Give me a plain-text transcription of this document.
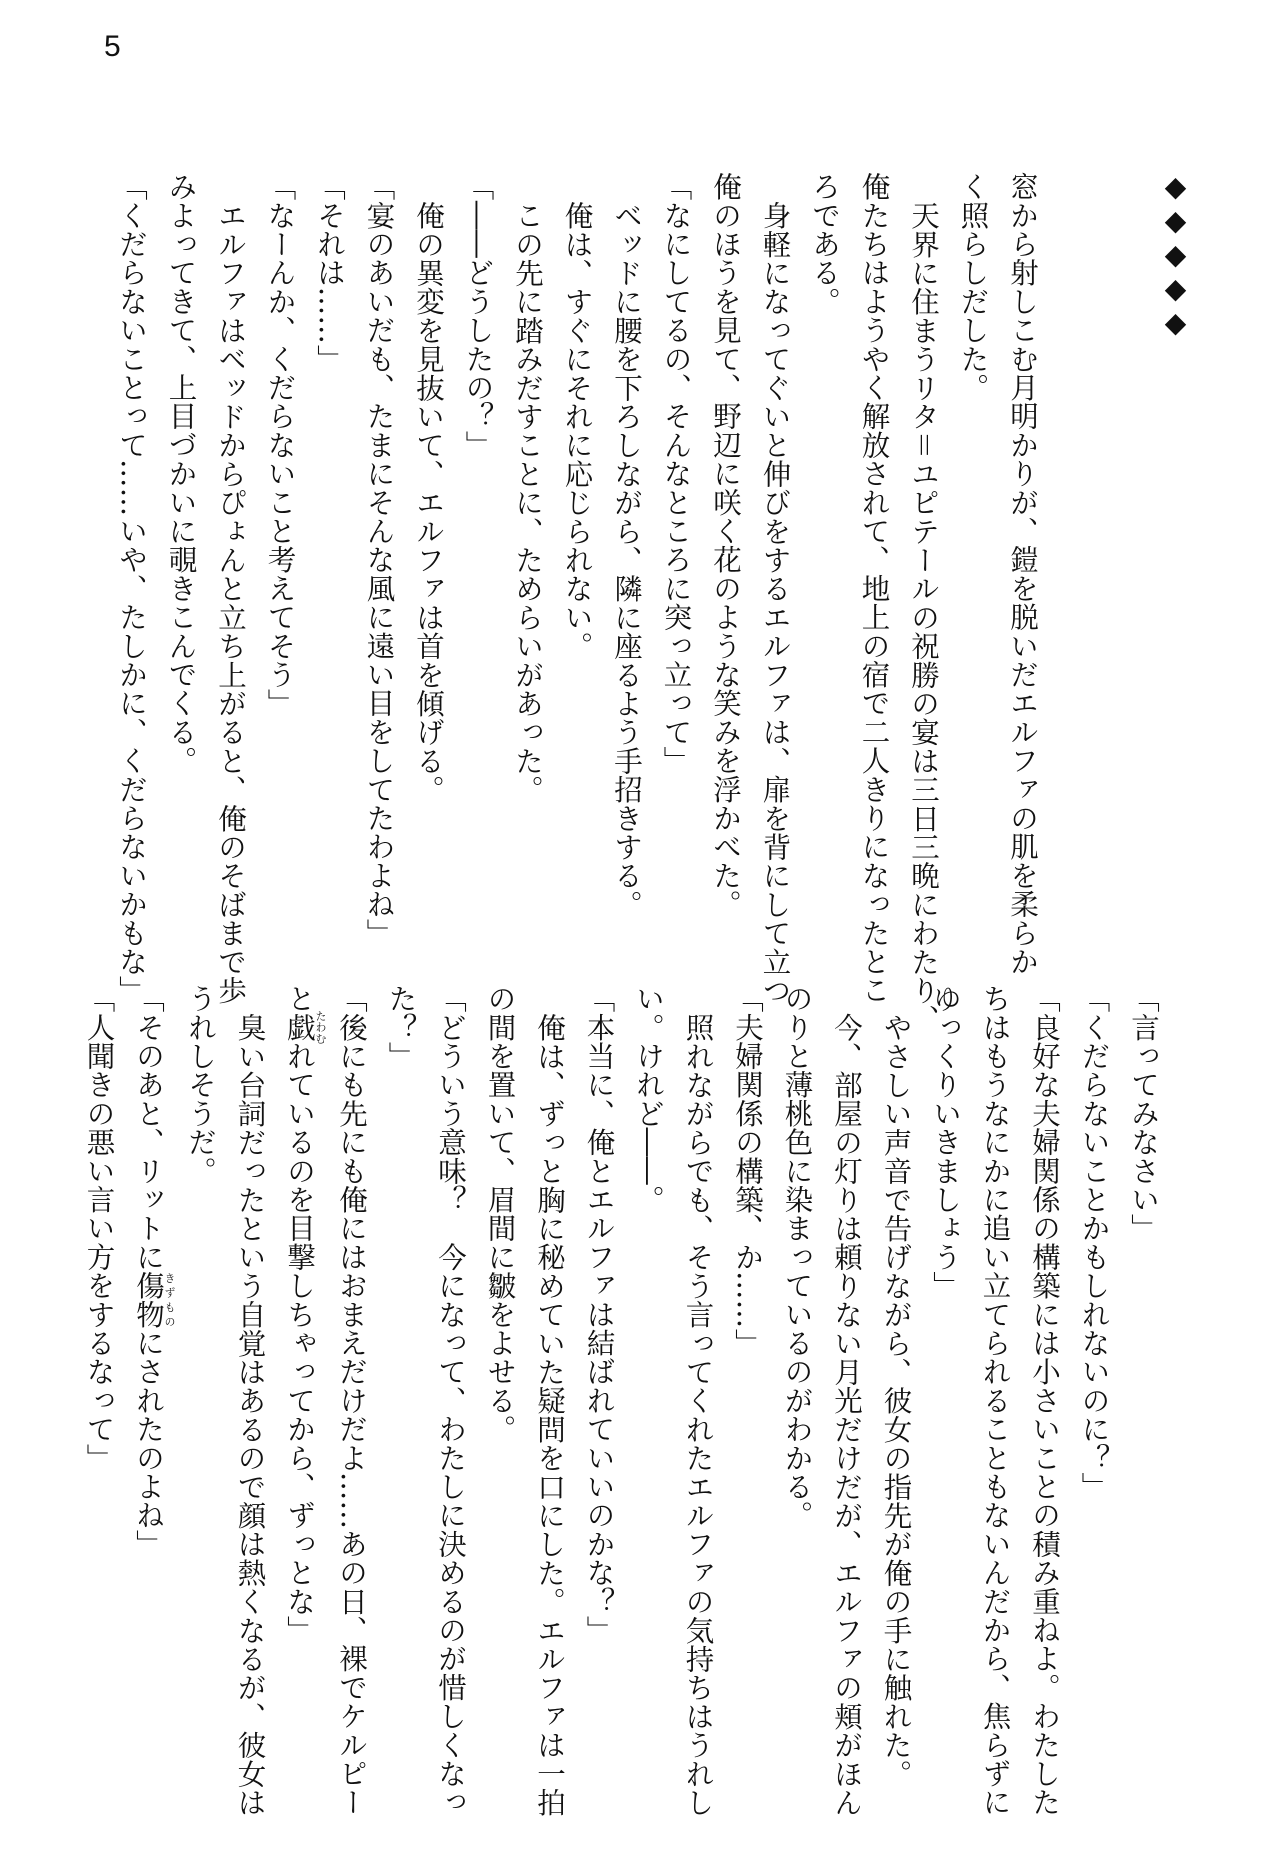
5
◆◆◆◆◆

窓から射しこむ月明かりが、鎧を脱いだエルファの肌を柔らか

く照らしだした。

天界に住まうリタ＝ユピテールの祝勝の宴は三日三晩にわたり、

俺たちはようやく解放されて、地上の宿で二人きりになったとこ

ろである。

身軽になってぐいと伸びをするエルファは、扉を背にして立つ

俺のほうを見て、野辺に咲く花のような笑みを浮かべた。

「なにしてるの、そんなところに突っ立って」

ベッドに腰を下ろしながら、隣に座るよう手招きする。

俺は、すぐにそれに応じられない。

この先に踏みだすことに、ためらいがあった。

「――どうしたの？」

俺の異変を見抜いて、エルファは首を傾げる。

「宴のあいだも、たまにそんな風に遠い目をしてたわよね」

「それは……」

「なーんか、くだらないこと考えてそう」

エルファはベッドからぴょんと立ち上がると、俺のそばまで歩

みよってきて、上目づかいに覗きこんでくる。

「くだらないことって……いや、たしかに、くだらないかもな」

「言ってみなさい」

「くだらないことかもしれないのに？」

「良好な夫婦関係の構築には小さいことの積み重ねよ。わたした

ちはもうなにかに追い立てられることもないんだから、焦らずに

ゆっくりいきましょう」

やさしい声音で告げながら、彼女の指先が俺の手に触れた。

今、部屋の灯りは頼りない月光だけだが、エルファの頬がほん

のりと薄桃色に染まっているのがわかる。

「夫婦関係の構築、か……」

照れながらでも、そう言ってくれたエルファの気持ちはうれし

い。けれど――。

「本当に、俺とエルファは結ばれていいのかな？」

俺は、ずっと胸に秘めていた疑問を口にした。エルファは一拍

の間を置いて、眉間に皺をよせる。

「どういう意味？　今になって、わたしに決めるのが惜しくなっ

た？」

「後にも先にも俺にはおまえだけだよ……あの日、裸でケルピー

と戯たわむれているのを目撃しちゃってから、ずっとな」

臭い台詞だったという自覚はあるので顔は熱くなるが、彼女は

うれしそうだ。

「そのあと、リットに傷物きずものにされたのよね」

「人聞きの悪い言い方をするなって」
